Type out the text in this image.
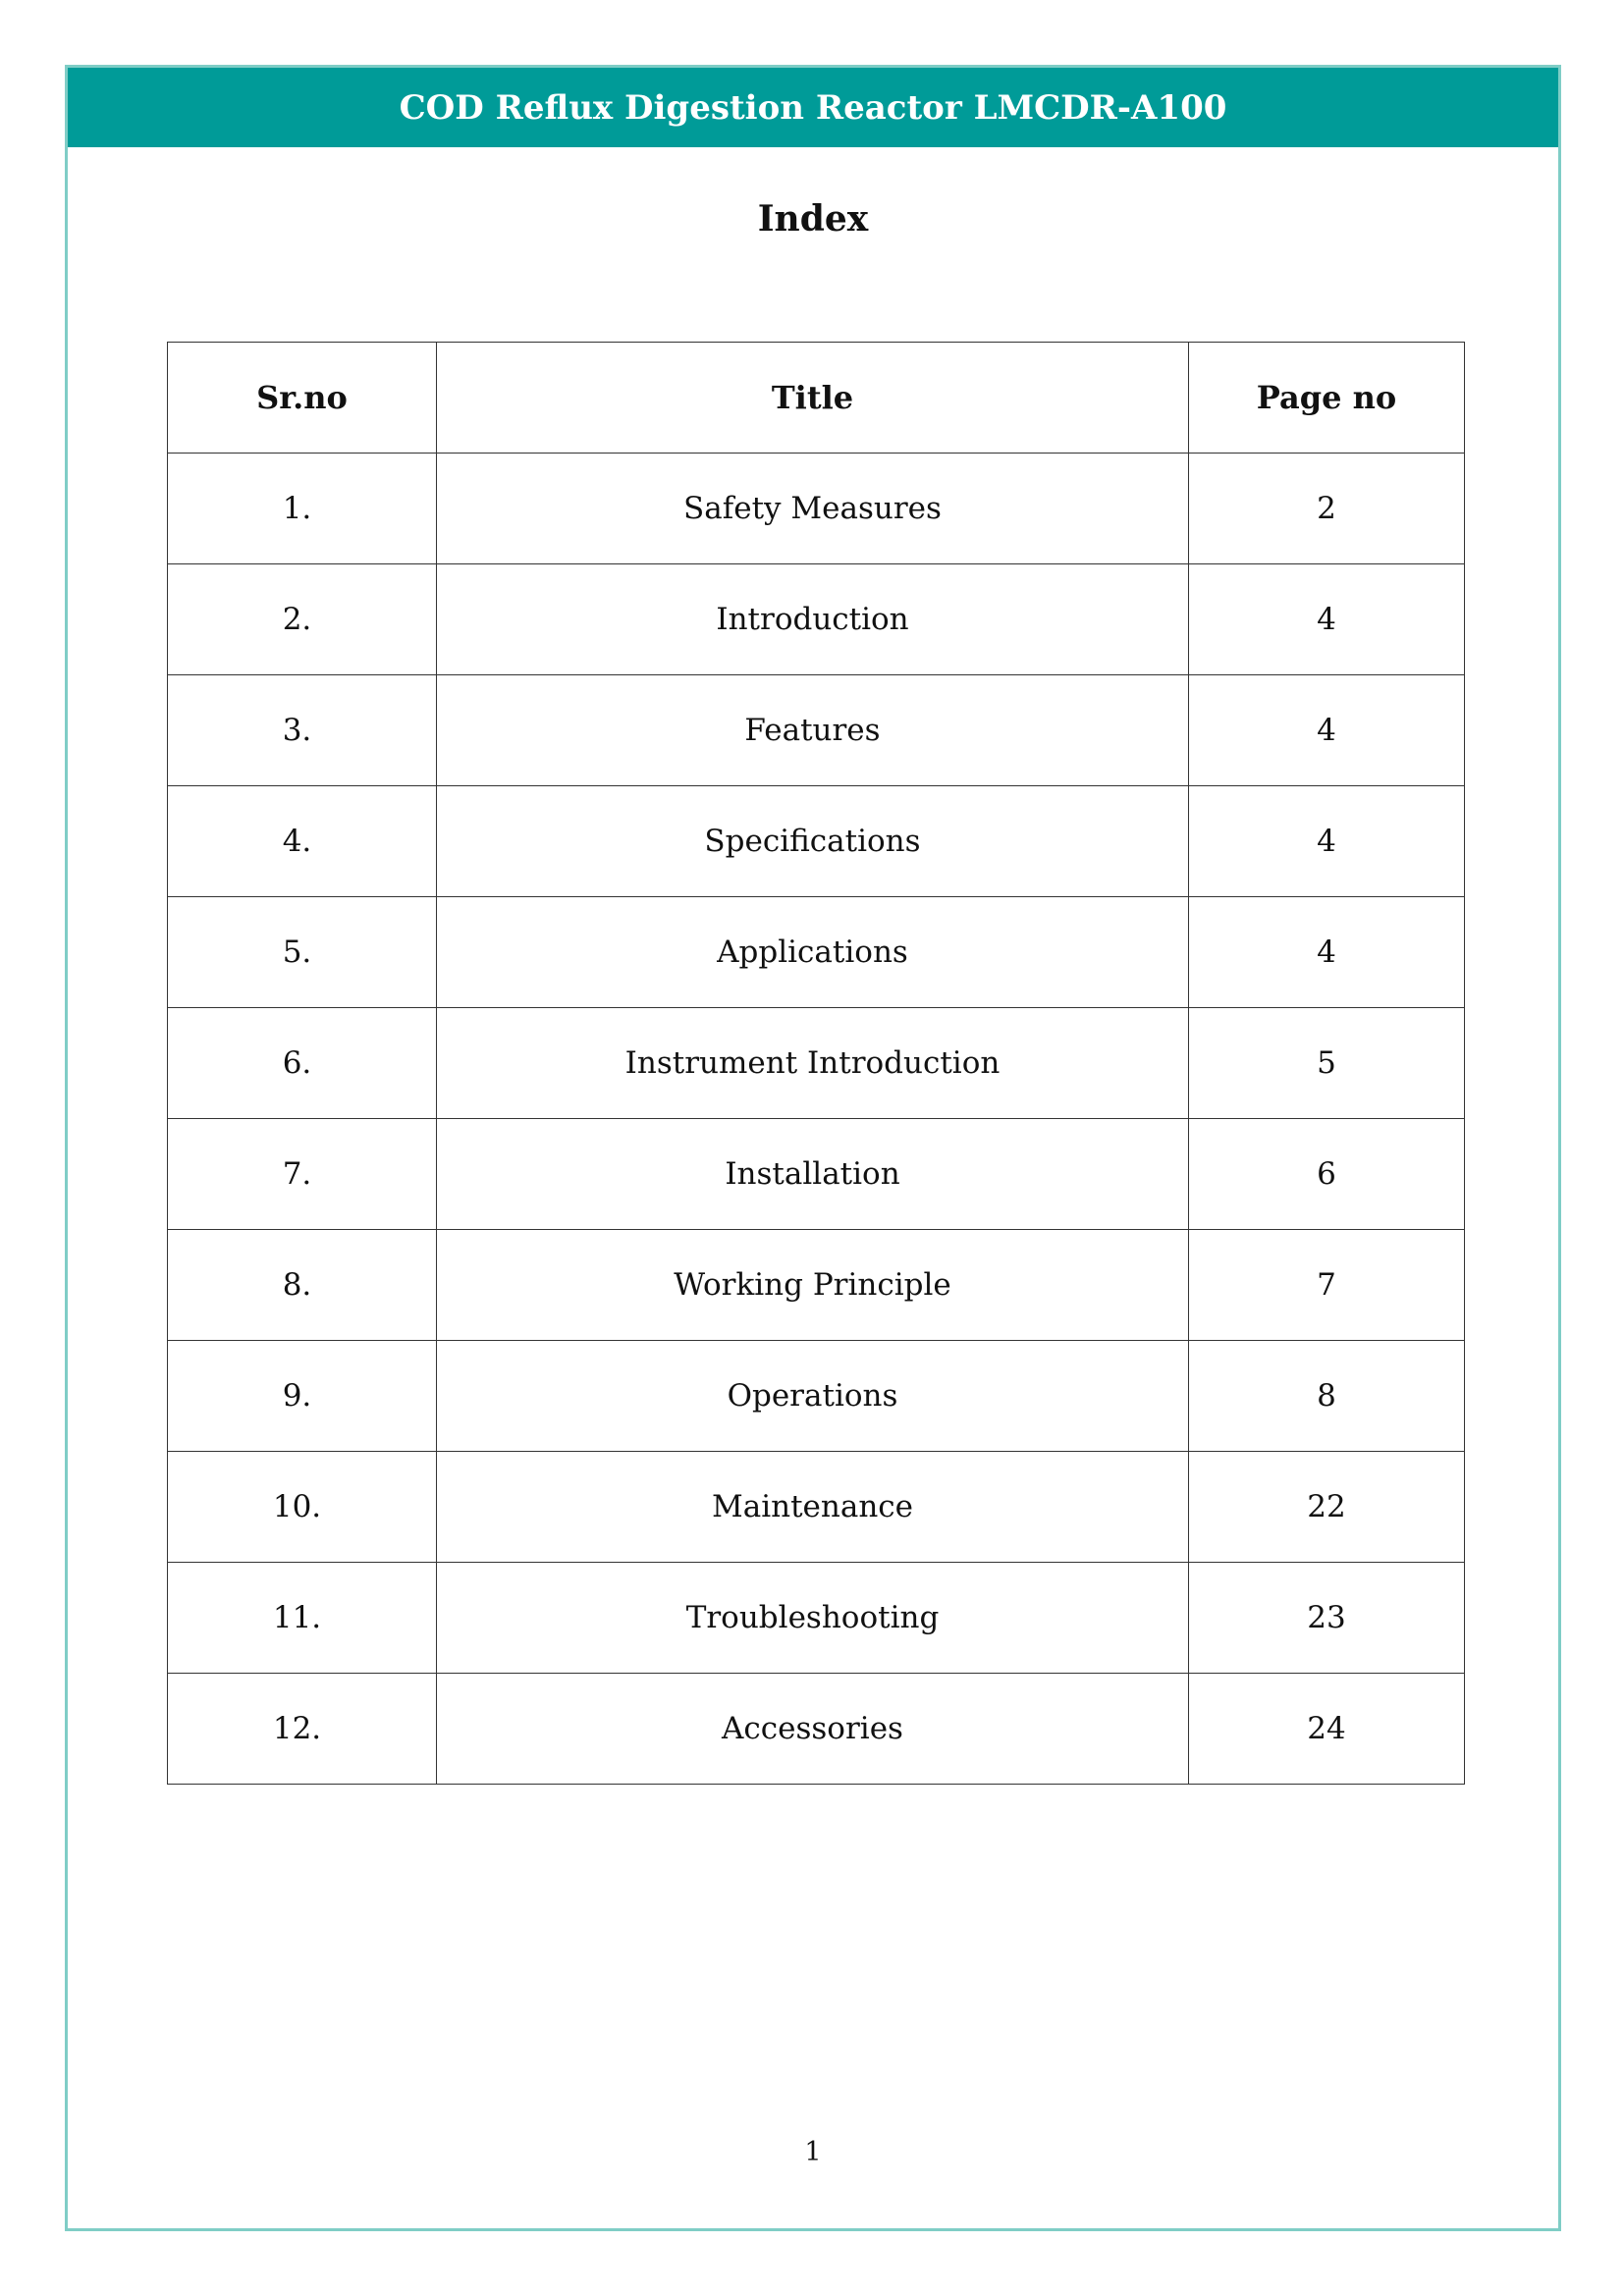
COD Reflux Digestion Reactor LMCDR-A100
Index
Sr.no	Title	Page no
1.	Safety Measures	2
2.	Introduction	4
3.	Features	4
4.	Specifications	4
5.	Applications	4
6.	Instrument Introduction	5
7.	Installation	6
8.	Working Principle	7
9.	Operations	8
10.	Maintenance	22
11.	Troubleshooting	23
12.	Accessories	24
1
